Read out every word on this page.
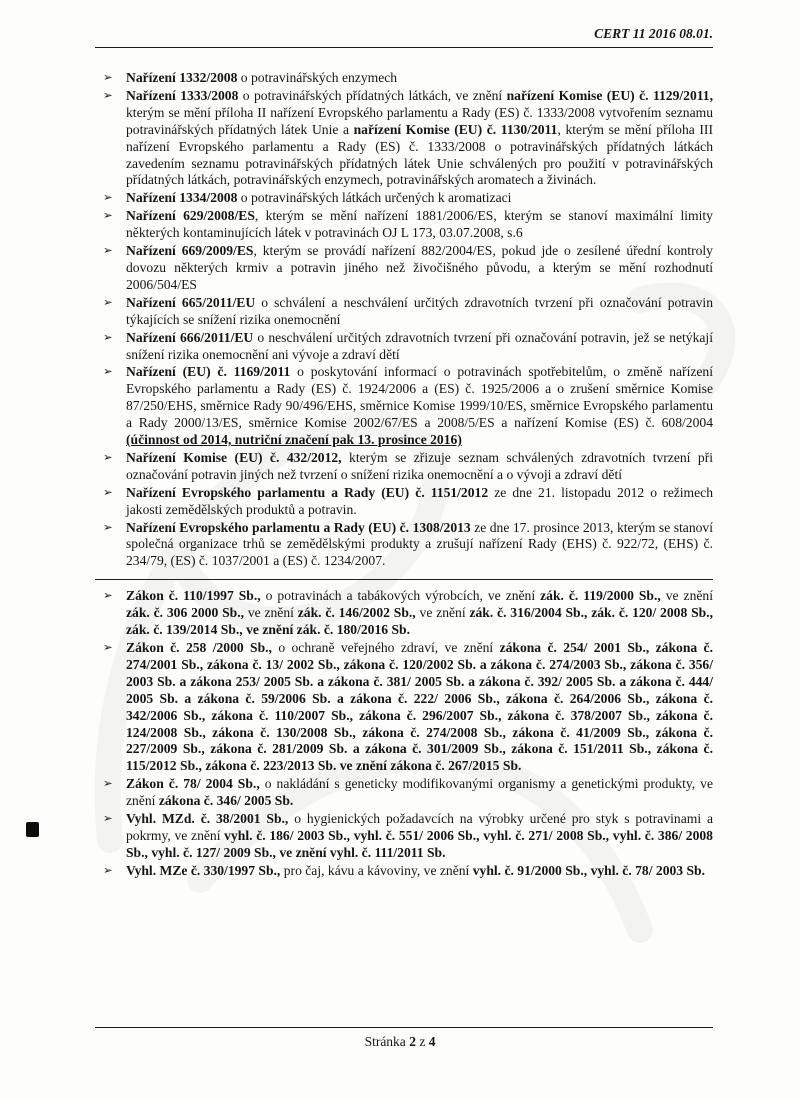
CERT 11 2016 08.01.
➢ Nařízení 1332/2008 o potravinářských enzymech
➢ Nařízení 1333/2008 o potravinářských přídatných látkách, ve znění nařízení Komise (EU) č. 1129/2011, kterým se mění příloha II nařízení Evropského parlamentu a Rady (ES) č. 1333/2008 vytvořením seznamu potravinářských přídatných látek Unie a nařízení Komise (EU) č. 1130/2011, kterým se mění příloha III nařízení Evropského parlamentu a Rady (ES) č. 1333/2008 o potravinářských přídatných látkách zavedením seznamu potravinářských přídatných látek Unie schválených pro použití v potravinářských přídatných látkách, potravinářských enzymech, potravinářských aromatech a živinách.
➢ Nařízení 1334/2008 o potravinářských látkách určených k aromatizaci
➢ Nařízení 629/2008/ES, kterým se mění nařízení 1881/2006/ES, kterým se stanoví maximální limity některých kontaminujících látek v potravinách OJ L 173, 03.07.2008, s.6
➢ Nařízení 669/2009/ES, kterým se provádí nařízení 882/2004/ES, pokud jde o zesílené úřední kontroly dovozu některých krmiv a potravin jiného než živočišného původu, a kterým se mění rozhodnutí 2006/504/ES
➢ Nařízení 665/2011/EU o schválení a neschválení určitých zdravotních tvrzení při označování potravin týkajících se snížení rizika onemocnění
➢ Nařízení 666/2011/EU o neschválení určitých zdravotních tvrzení při označování potravin, jež se netýkají snížení rizika onemocnění ani vývoje a zdraví dětí
➢ Nařízení (EU) č. 1169/2011 o poskytování informací o potravinách spotřebitelům, o změně nařízení Evropského parlamentu a Rady (ES) č. 1924/2006 a (ES) č. 1925/2006 a o zrušení směrnice Komise 87/250/EHS, směrnice Rady 90/496/EHS, směrnice Komise 1999/10/ES, směrnice Evropského parlamentu a Rady 2000/13/ES, směrnice Komise 2002/67/ES a 2008/5/ES a nařízení Komise (ES) č. 608/2004 (účinnost od 2014, nutriční značení pak 13. prosince 2016)
➢ Nařízení Komise (EU) č. 432/2012, kterým se zřizuje seznam schválených zdravotních tvrzení při označování potravin jiných než tvrzení o snížení rizika onemocnění a o vývoji a zdraví dětí
➢ Nařízení Evropského parlamentu a Rady (EU) č. 1151/2012 ze dne 21. listopadu 2012 o režimech jakosti zemědělských produktů a potravin.
➢ Nařízení Evropského parlamentu a Rady (EU) č. 1308/2013 ze dne 17. prosince 2013, kterým se stanoví společná organizace trhů se zemědělskými produkty a zrušují nařízení Rady (EHS) č. 922/72, (EHS) č. 234/79, (ES) č. 1037/2001 a (ES) č. 1234/2007.
➢ Zákon č. 110/1997 Sb., o potravinách a tabákových výrobcích, ve znění zák. č. 119/2000 Sb., ve znění zák. č. 306 2000 Sb., ve znění zák. č. 146/2002 Sb., ve znění zák. č. 316/2004 Sb., zák. č. 120/ 2008 Sb., zák. č. 139/2014 Sb., ve znění zák. č. 180/2016 Sb.
➢ Zákon č. 258 /2000 Sb., o ochraně veřejného zdraví, ve znění zákona č. 254/ 2001 Sb., zákona č. 274/2001 Sb., zákona č. 13/ 2002 Sb., zákona č. 120/2002 Sb. a zákona č. 274/2003 Sb., zákona č. 356/ 2003 Sb. a zákona 253/ 2005 Sb. a zákona č. 381/ 2005 Sb. a zákona č. 392/ 2005 Sb. a zákona č. 444/ 2005 Sb. a zákona č. 59/2006 Sb. a zákona č. 222/ 2006 Sb., zákona č. 264/2006 Sb., zákona č. 342/2006 Sb., zákona č. 110/2007 Sb., zákona č. 296/2007 Sb., zákona č. 378/2007 Sb., zákona č. 124/2008 Sb., zákona č. 130/2008 Sb., zákona č. 274/2008 Sb., zákona č. 41/2009 Sb., zákona č. 227/2009 Sb., zákona č. 281/2009 Sb. a zákona č. 301/2009 Sb., zákona č. 151/2011 Sb., zákona č. 115/2012 Sb., zákona č. 223/2013 Sb. ve znění zákona č. 267/2015 Sb.
➢ Zákon č. 78/ 2004 Sb., o nakládání s geneticky modifikovanými organismy a genetickými produkty, ve znění zákona č. 346/ 2005 Sb.
➢ Vyhl. MZd. č. 38/2001 Sb., o hygienických požadavcích na výrobky určené pro styk s potravinami a pokrmy, ve znění vyhl. č. 186/ 2003 Sb., vyhl. č. 551/ 2006 Sb., vyhl. č. 271/ 2008 Sb., vyhl. č. 386/ 2008 Sb., vyhl. č. 127/ 2009 Sb., ve znění vyhl. č. 111/2011 Sb.
➢ Vyhl. MZe č. 330/1997 Sb., pro čaj, kávu a kávoviny, ve znění vyhl. č. 91/2000 Sb., vyhl. č. 78/ 2003 Sb.
Stránka 2 z 4
